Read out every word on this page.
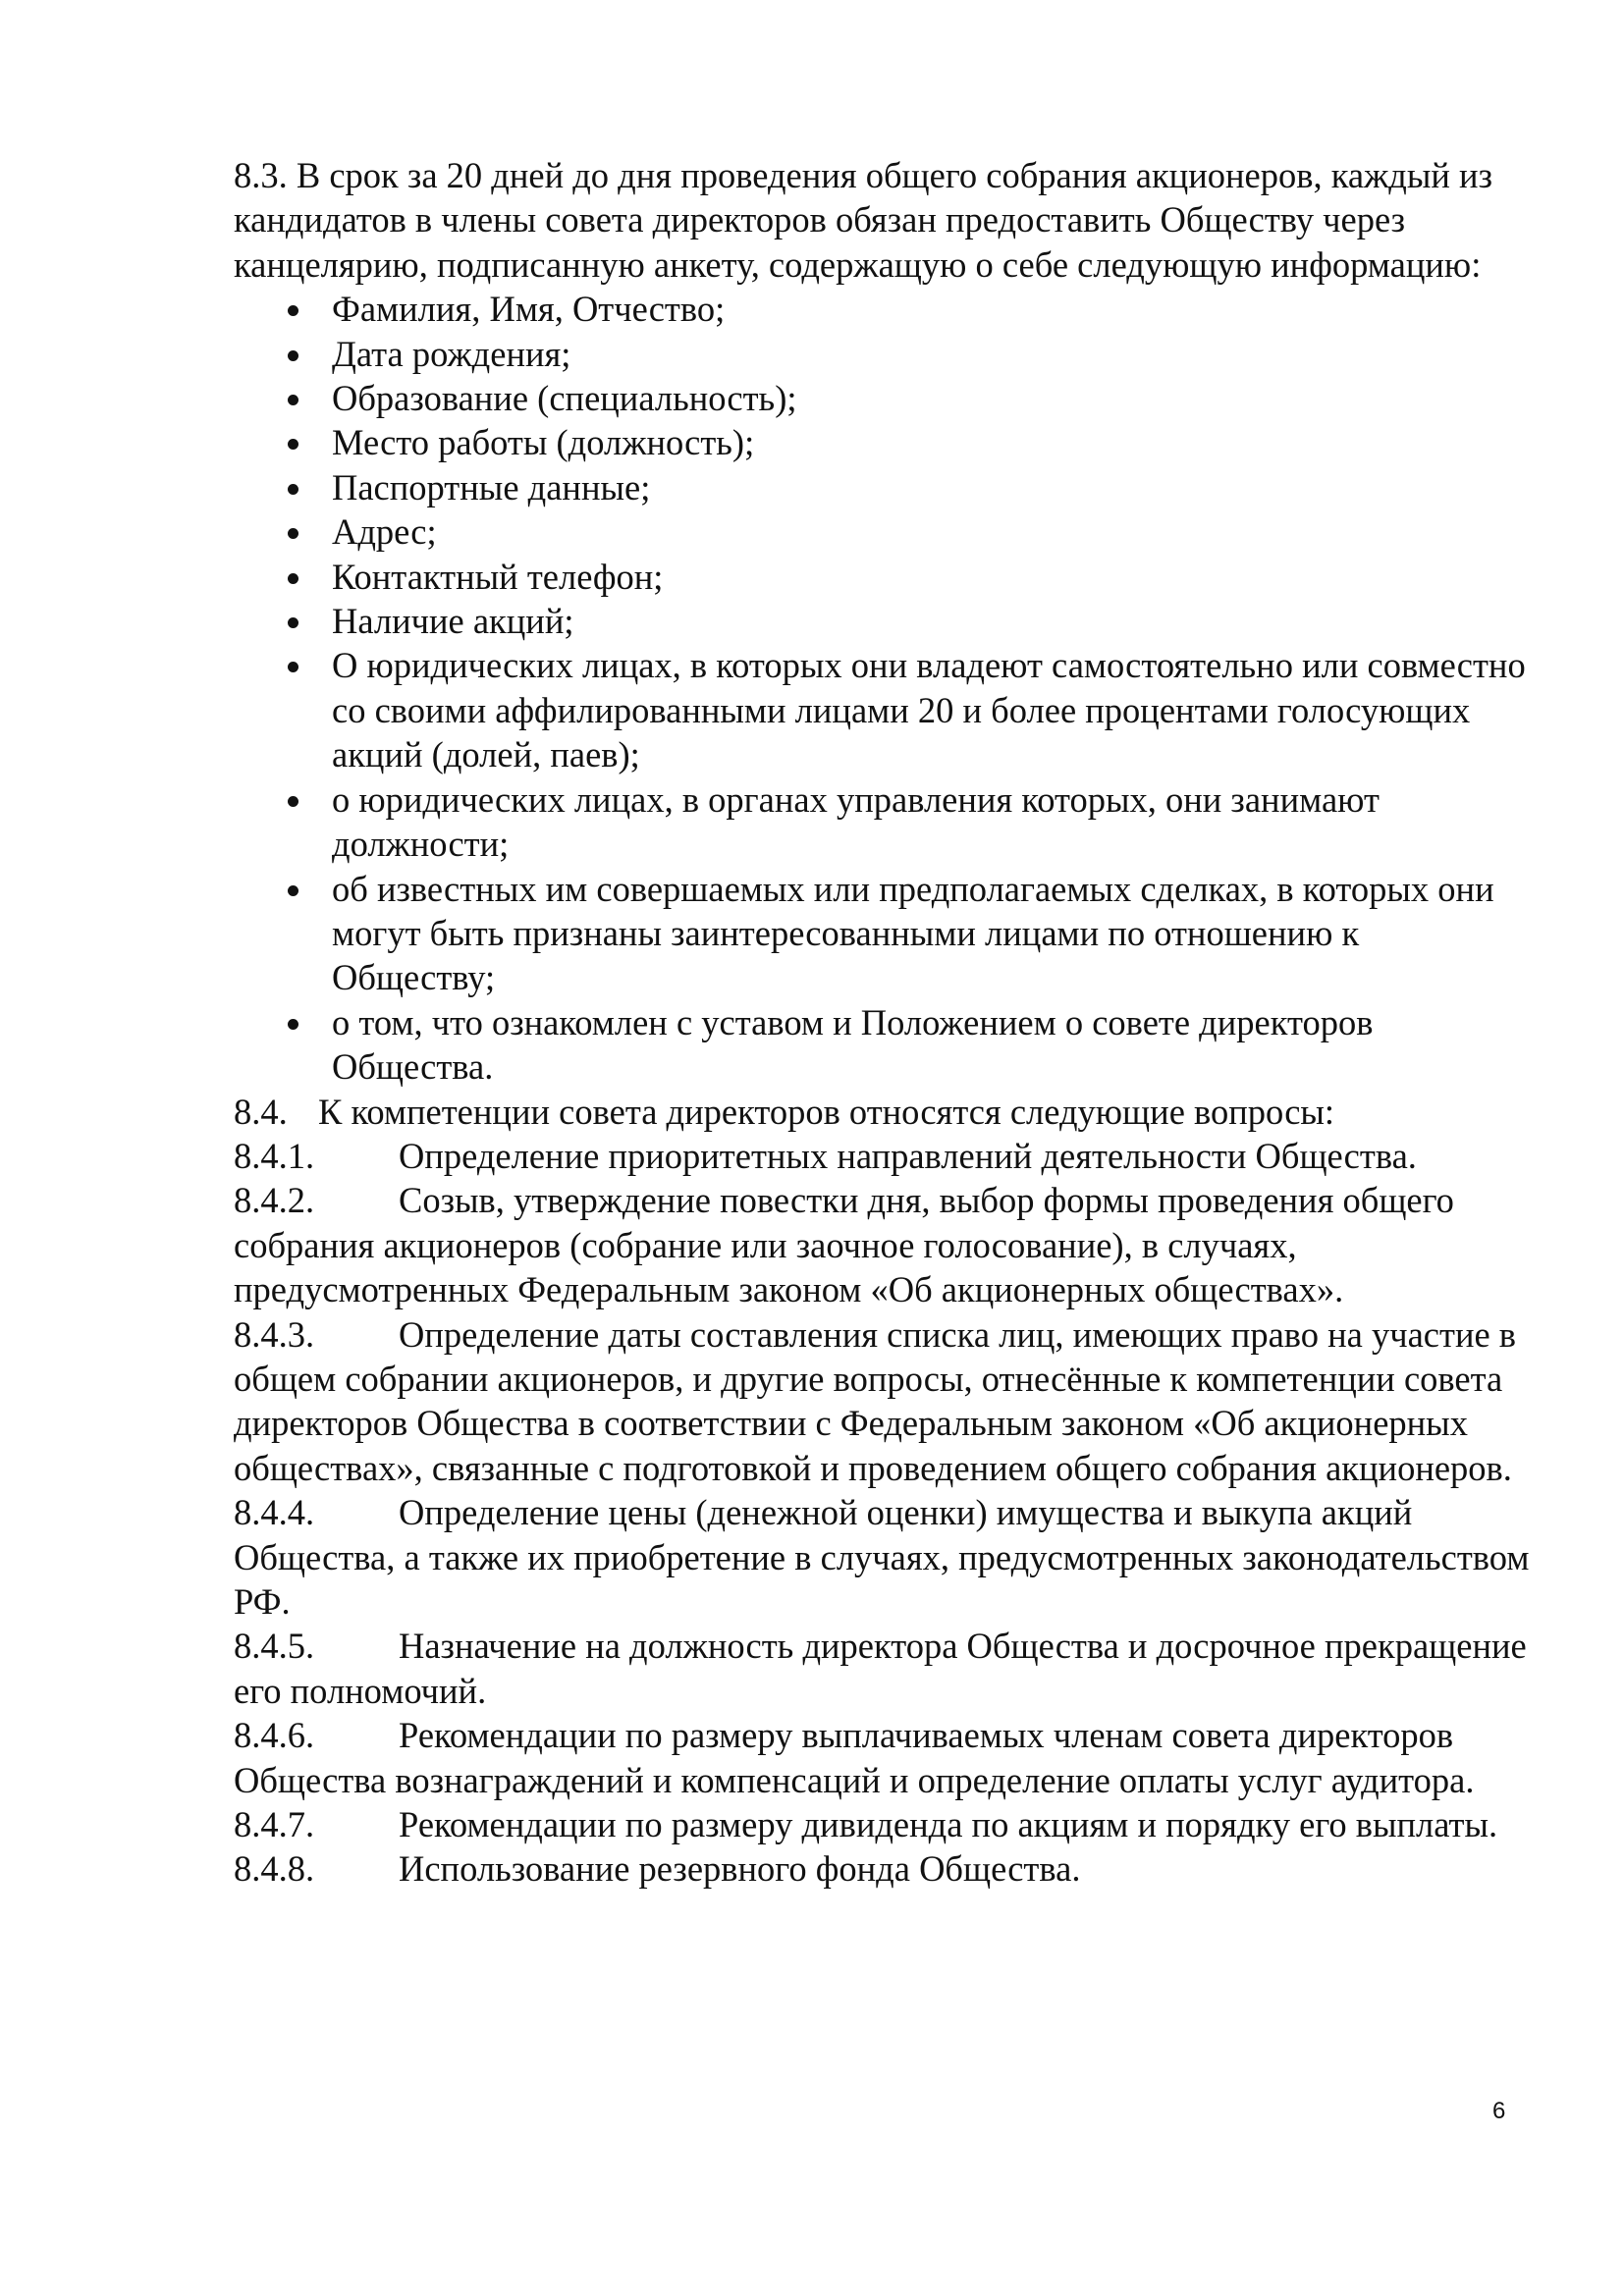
8.3. В срок за 20 дней до дня проведения общего собрания акционеров, каждый из кандидатов в члены совета директоров обязан предоставить Обществу через канцелярию, подписанную анкету, содержащую о себе следующую информацию:

Фамилия, Имя, Отчество;
Дата рождения;
Образование (специальность);
Место работы (должность);
Паспортные данные;
Адрес;
Контактный телефон;
Наличие акций;
О юридических лицах, в которых они владеют самостоятельно или совместно со своими аффилированными лицами 20 и более процентами голосующих акций (долей, паев);
о юридических лицах, в органах управления которых, они занимают должности;
об известных им совершаемых или предполагаемых сделках, в которых они могут быть признаны заинтересованными лицами по отношению к Обществу;
о том, что ознакомлен с уставом и Положением о совете директоров Общества.

8.4. К компетенции совета директоров относятся следующие вопросы:

8.4.1. Определение приоритетных направлений деятельности Общества.

8.4.2. Созыв, утверждение повестки дня, выбор формы проведения общего собрания акционеров (собрание или заочное голосование), в случаях, предусмотренных Федеральным законом «Об акционерных обществах».

8.4.3. Определение даты составления списка лиц, имеющих право на участие в общем собрании акционеров, и другие вопросы, отнесённые к компетенции совета директоров Общества в соответствии с Федеральным законом «Об акционерных обществах», связанные с подготовкой и проведением общего собрания акционеров.

8.4.4. Определение цены (денежной оценки) имущества и выкупа акций Общества, а также их приобретение в случаях, предусмотренных законодательством РФ.

8.4.5. Назначение на должность директора Общества и досрочное прекращение его полномочий.

8.4.6. Рекомендации по размеру выплачиваемых членам совета директоров Общества вознаграждений и компенсаций и определение оплаты услуг аудитора.

8.4.7. Рекомендации по размеру дивиденда по акциям и порядку его выплаты.

8.4.8. Использование резервного фонда Общества.

6
